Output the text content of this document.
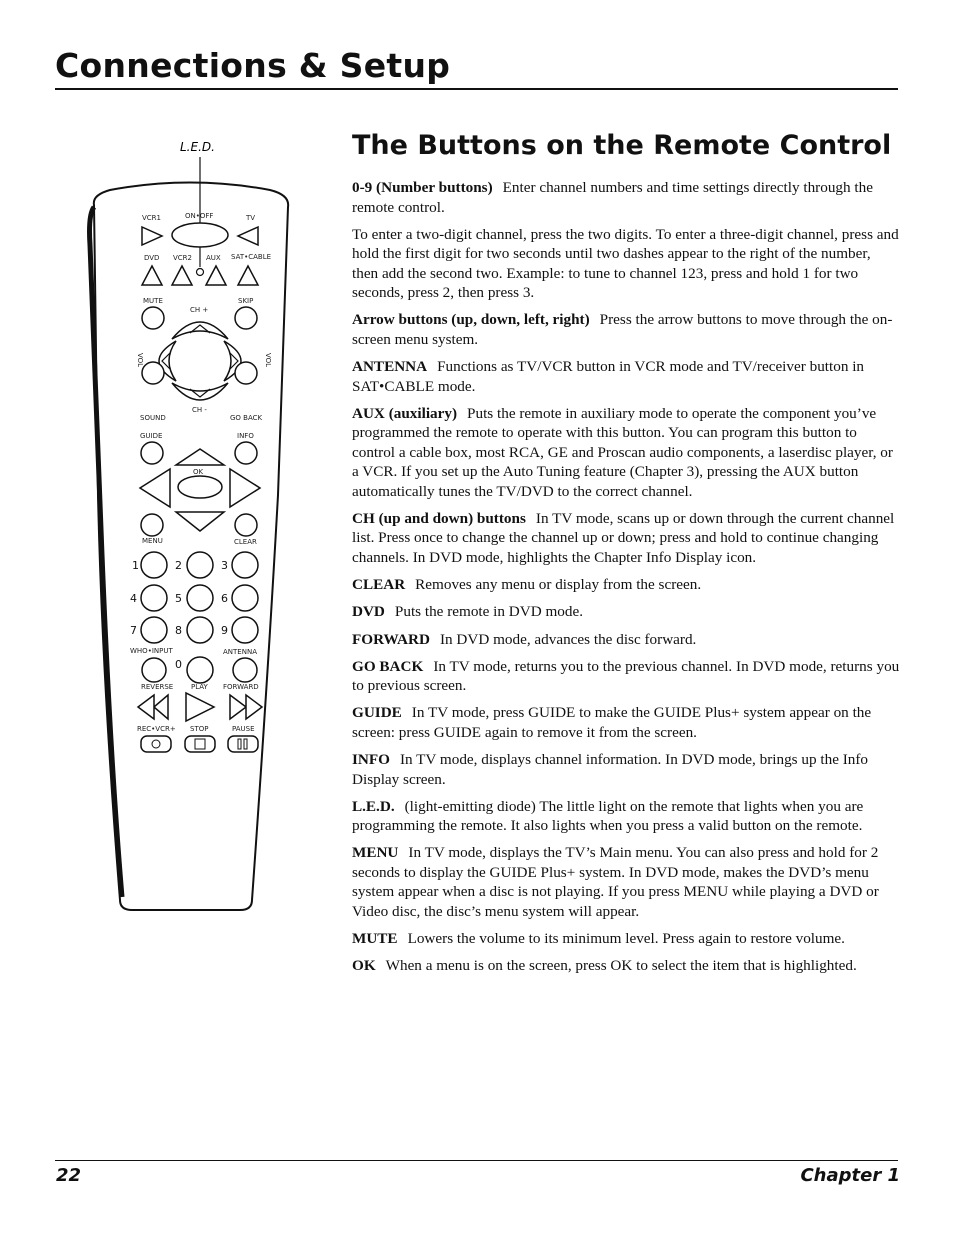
Connections & Setup
L.E.D.
VCR1	ON•OFF	TV
DVD VCR2 AUX SAT•CABLE
MUTE	SKIP
CH +
VOL	VOL
CH -
SOUND	GO BACK
GUIDE	INFO
OK
MENU	CLEAR
1	2	3
4	5	6
7	8	9
WHO•INPUT	ANTENNA
0
REVERSE	PLAY FORWARD
REC•VCR+ STOP	PAUSE
The Buttons on the Remote Control

0-9 (Number buttons) Enter channel numbers and time settings directly through the remote control.

To enter a two-digit channel, press the two digits. To enter a three-digit channel, press and hold the first digit for two seconds until two dashes appear to the right of the number, then add the second two. Example: to tune to channel 123, press and hold 1 for two seconds, press 2, then press 3.

Arrow buttons (up, down, left, right) Press the arrow buttons to move through the on-screen menu system.

ANTENNA Functions as TV/VCR button in VCR mode and TV/receiver button in SAT•CABLE mode.

AUX (auxiliary) Puts the remote in auxiliary mode to operate the component you’ve programmed the remote to operate with this button. You can program this button to control a cable box, most RCA, GE and Proscan audio components, a laserdisc player, or a VCR. If you set up the Auto Tuning feature (Chapter 3), pressing the AUX button automatically tunes the TV/DVD to the correct channel.

CH (up and down) buttons In TV mode, scans up or down through the current channel list. Press once to change the channel up or down; press and hold to continue changing channels. In DVD mode, highlights the Chapter Info Display icon.

CLEAR Removes any menu or display from the screen.

DVD Puts the remote in DVD mode.

FORWARD In DVD mode, advances the disc forward.

GO BACK In TV mode, returns you to the previous channel. In DVD mode, returns you to previous screen.

GUIDE In TV mode, press GUIDE to make the GUIDE Plus+ system appear on the screen: press GUIDE again to remove it from the screen.

INFO In TV mode, displays channel information. In DVD mode, brings up the Info Display screen.

L.E.D. (light-emitting diode) The little light on the remote that lights when you are programming the remote. It also lights when you press a valid button on the remote.

MENU In TV mode, displays the TV’s Main menu. You can also press and hold for 2 seconds to display the GUIDE Plus+ system. In DVD mode, makes the DVD’s menu system appear when a disc is not playing. If you press MENU while playing a DVD or Video disc, the disc’s menu system will appear.

MUTE Lowers the volume to its minimum level. Press again to restore volume.

OK When a menu is on the screen, press OK to select the item that is highlighted.

22	Chapter 1
